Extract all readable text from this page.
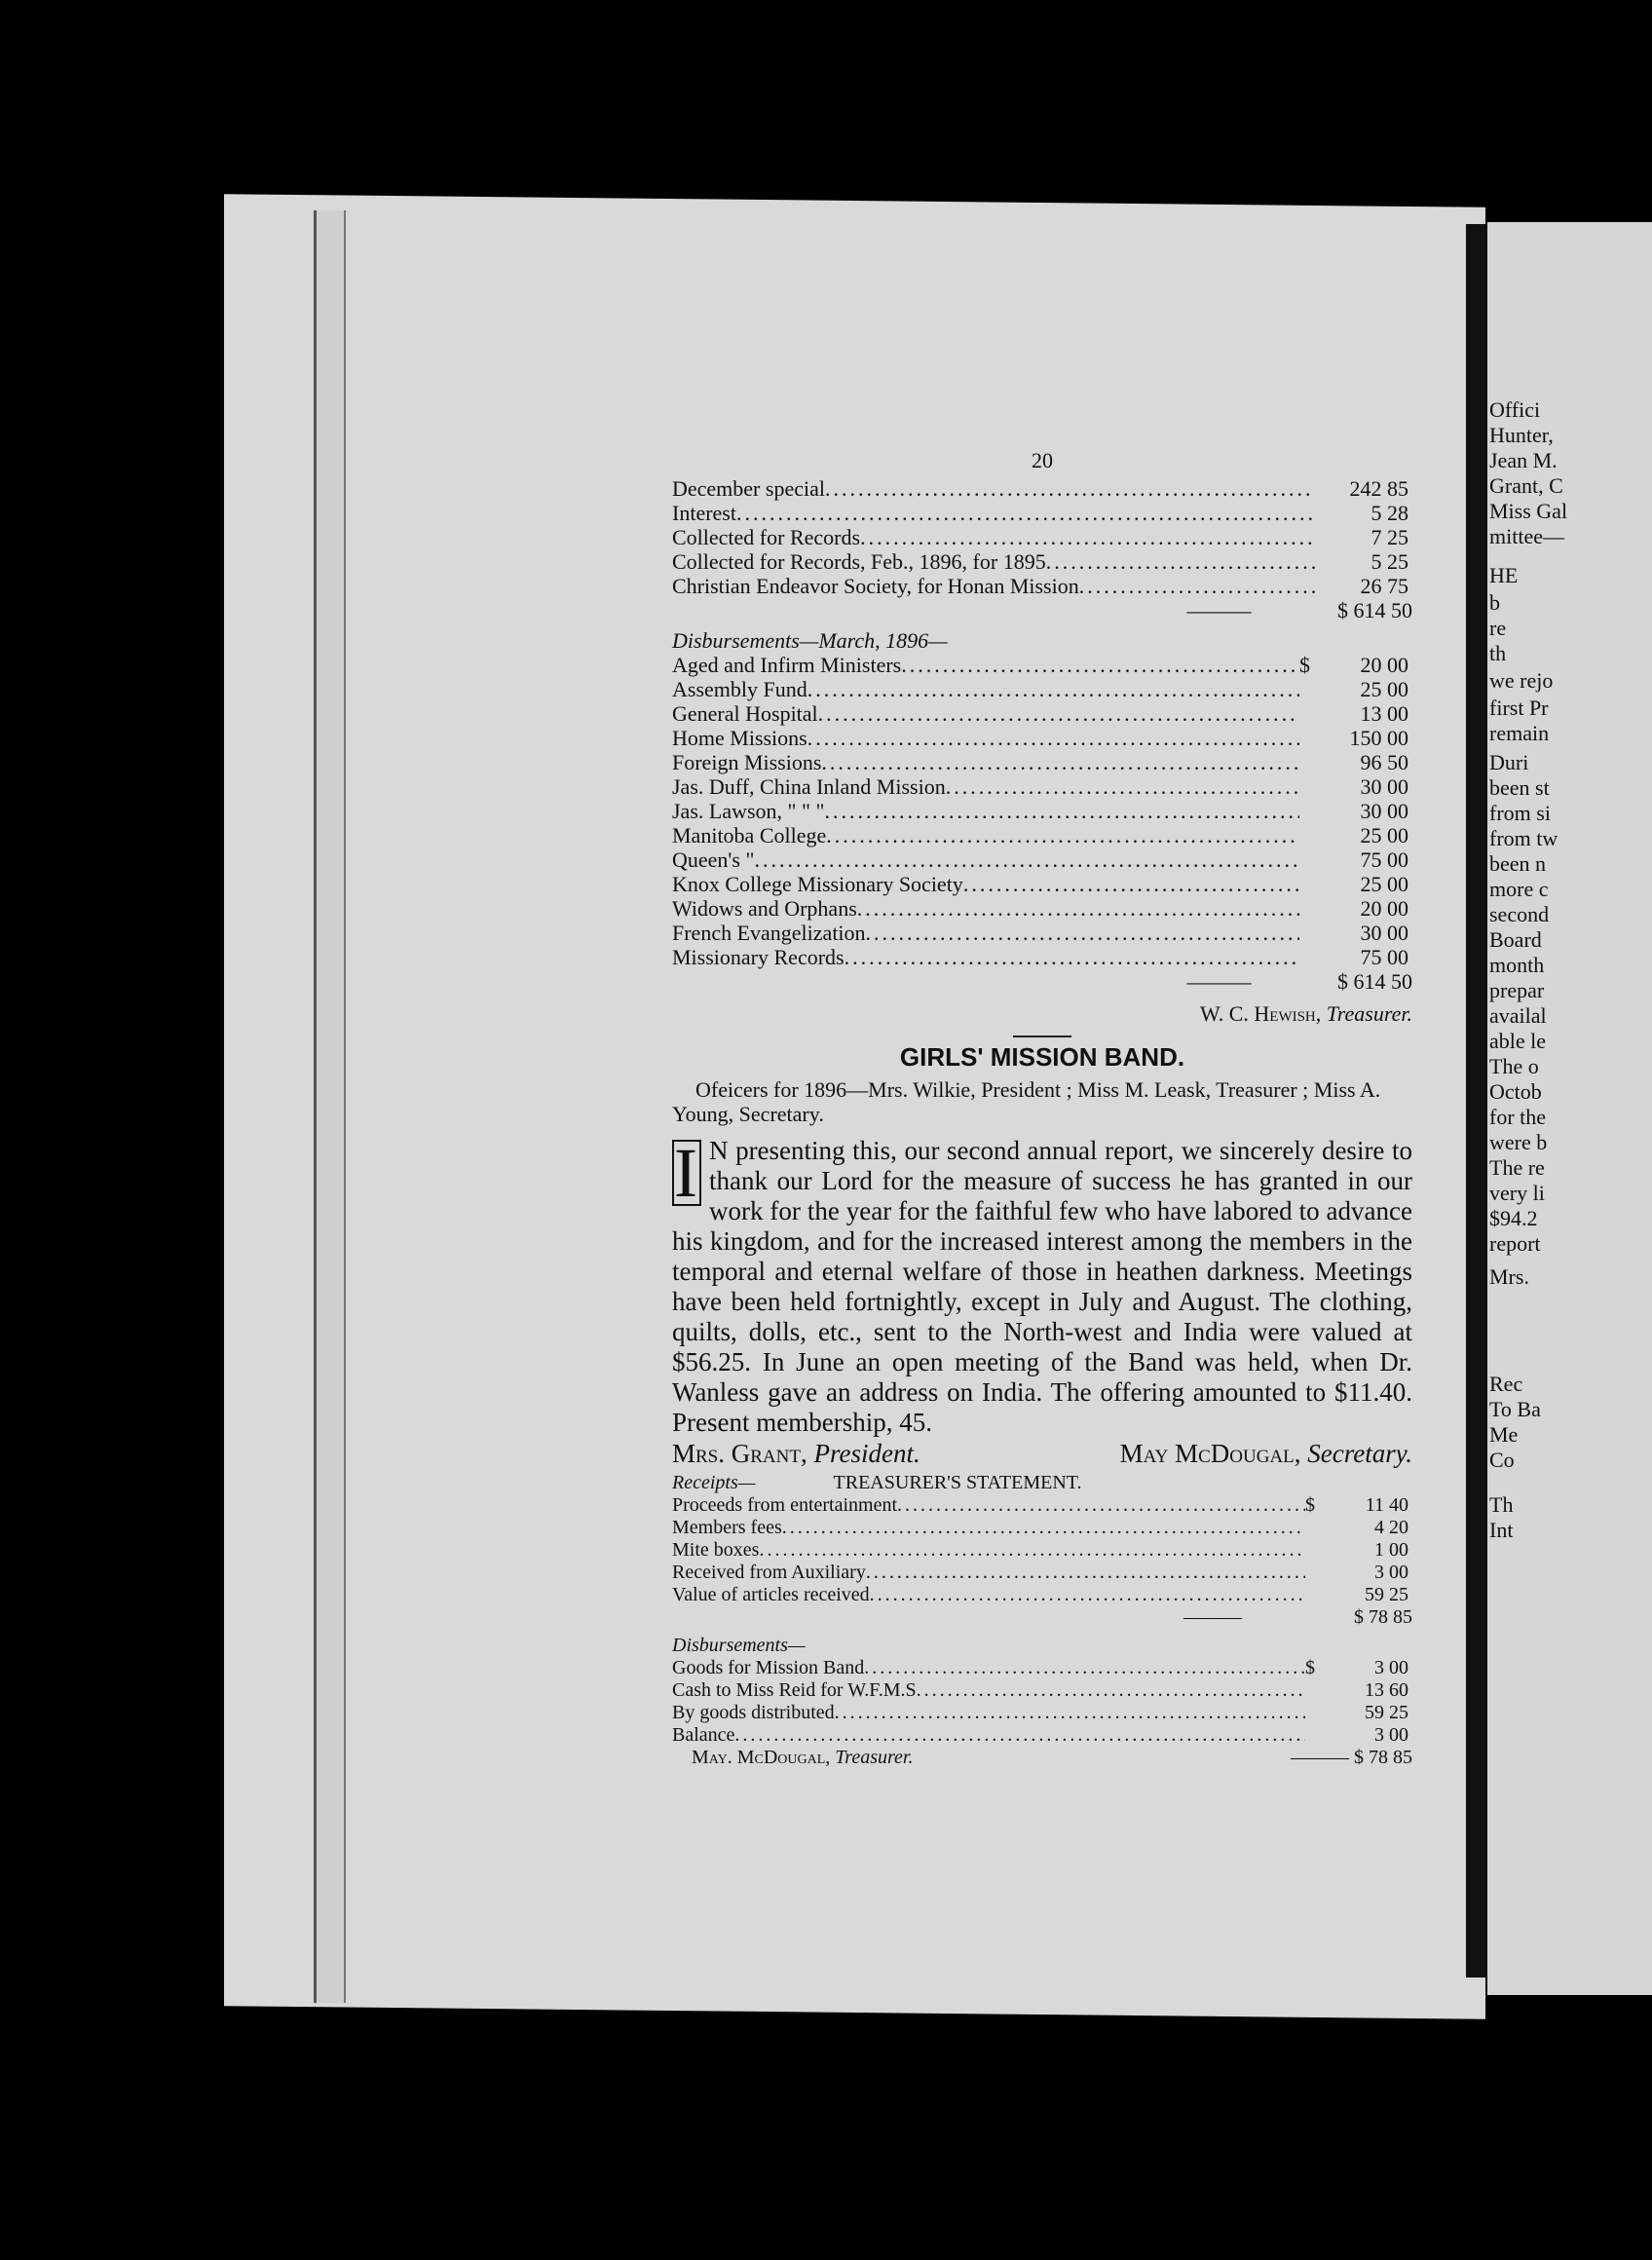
Offici
Hunter,
Jean M.
Grant, C
Miss Gal
mittee—
HE
b
re
th
we rejo
first Pr
remain
Duri
been st
from si
from tw
been n
more c
second
Board
month
prepar
availal
able le
The o
Octob
for the
were b
The re
very li
$94.2
report
Mrs.
Rec
To Ba
Me
Co
Th
Int
20
December special .....	242 85
Interest .....	5 28
Collected for Records .....	7 25
Collected for Records, Feb., 1896, for 1895 .....	5 25
Christian Endeavor Society, for Honan Mission .....	26 75
———	$ 614 50
Disbursements—March, 1896—
Aged and Infirm Ministers .....	$	20 00
Assembly Fund .....	25 00
General Hospital .....	13 00
Home Missions .....	150 00
Foreign Missions .....	96 50
Jas. Duff, China Inland Mission .....	30 00
Jas. Lawson, " " " .....	30 00
Manitoba College .....	25 00
Queen's " .....	75 00
Knox College Missionary Society .....	25 00
Widows and Orphans .....	20 00
French Evangelization .....	30 00
Missionary Records .....	75 00
———	$ 614 50
W. C. Hewish, Treasurer.
GIRLS' MISSION BAND.
Ofeicers for 1896—Mrs. Wilkie, President ; Miss M. Leask, Treasurer ; Miss A. Young, Secretary.
I N presenting this, our second annual report, we sincerely desire to thank our Lord for the measure of success he has granted in our work for the year for the faithful few who have labored to advance his kingdom, and for the increased interest among the members in the temporal and eternal welfare of those in heathen darkness. Meetings have been held fortnightly, except in July and August. The clothing, quilts, dolls, etc., sent to the North-west and India were valued at $56.25. In June an open meeting of the Band was held, when Dr. Wanless gave an address on India. The offering amounted to $11.40. Present membership, 45.
Mrs. Grant, President.	May McDougal, Secretary.
Receipts—	TREASURER'S STATEMENT.
Proceeds from entertainment .....	$	11 40
Members fees .....	4 20
Mite boxes .....	1 00
Received from Auxiliary .....	3 00
Value of articles received .....	59 25
———	$ 78 85
Disbursements—
Goods for Mission Band .....	$	3 00
Cash to Miss Reid for W.F.M.S .....	13 60
By goods distributed .....	59 25
Balance .....	3 00
May. McDougal, Treasurer.	——— $ 78 85
